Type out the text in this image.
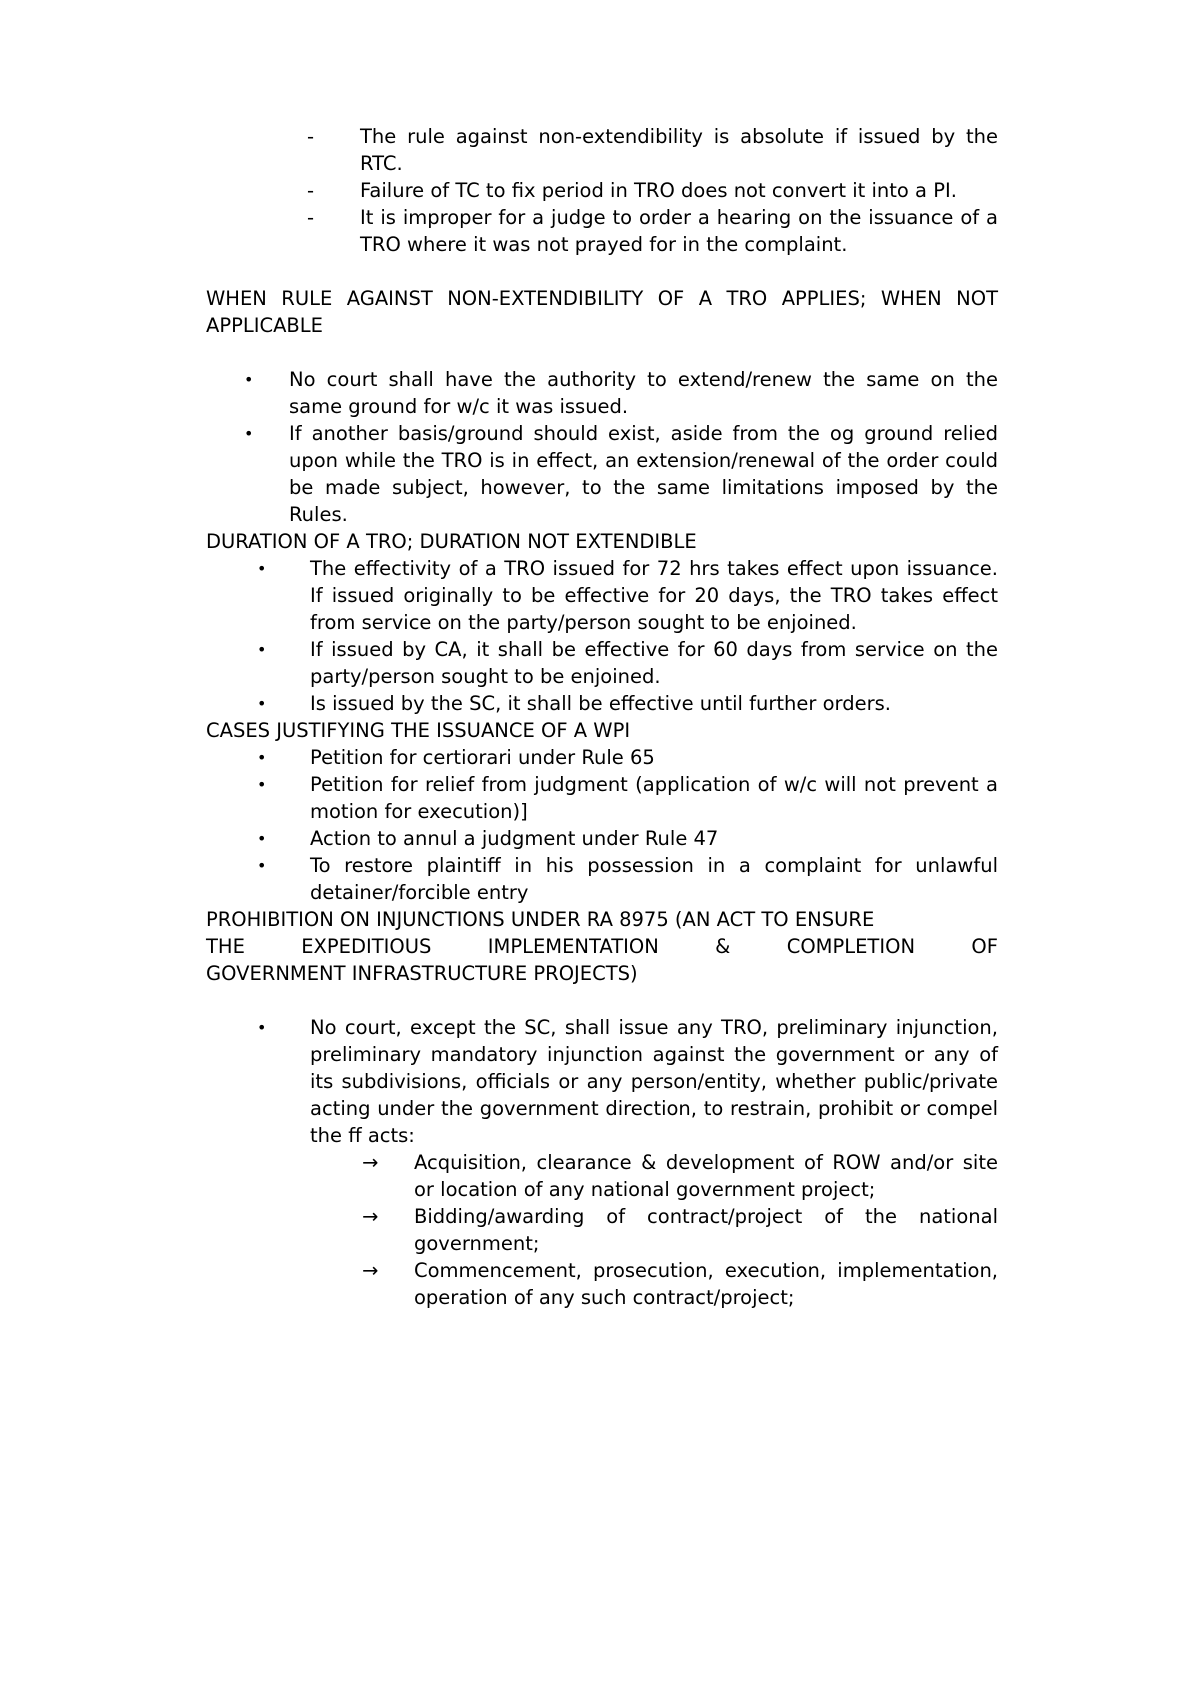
- The rule against non-extendibility is absolute if issued by the RTC.
- Failure of TC to fix period in TRO does not convert it into a PI.
- It is improper for a judge to order a hearing on the issuance of a TRO where it was not prayed for in the complaint.

WHEN RULE AGAINST NON-EXTENDIBILITY OF A TRO APPLIES; WHEN NOT APPLICABLE

• No court shall have the authority to extend/renew the same on the same ground for w/c it was issued.
• If another basis/ground should exist, aside from the og ground relied upon while the TRO is in effect, an extension/renewal of the order could be made subject, however, to the same limitations imposed by the Rules.

DURATION OF A TRO; DURATION NOT EXTENDIBLE

• The effectivity of a TRO issued for 72 hrs takes effect upon issuance. If issued originally to be effective for 20 days, the TRO takes effect from service on the party/person sought to be enjoined.
• If issued by CA, it shall be effective for 60 days from service on the party/person sought to be enjoined.
• Is issued by the SC, it shall be effective until further orders.

CASES JUSTIFYING THE ISSUANCE OF A WPI

• Petition for certiorari under Rule 65
• Petition for relief from judgment (application of w/c will not prevent a motion for execution)]
• Action to annul a judgment under Rule 47
• To restore plaintiff in his possession in a complaint for unlawful detainer/forcible entry
PROHIBITION ON INJUNCTIONS UNDER RA 8975 (AN ACT TO ENSURE
THE	EXPEDITIOUS	IMPLEMENTATION	&	COMPLETION	OF
GOVERNMENT INFRASTRUCTURE PROJECTS)
• No court, except the SC, shall issue any TRO, preliminary injunction, preliminary mandatory injunction against the government or any of its subdivisions, officials or any person/entity, whether public/private acting under the government direction, to restrain, prohibit or compel the ff acts:
→ Acquisition, clearance & development of ROW and/or site or location of any national government project;
→ Bidding/awarding of contract/project of the national government;
→ Commencement, prosecution, execution, implementation, operation of any such contract/project;
